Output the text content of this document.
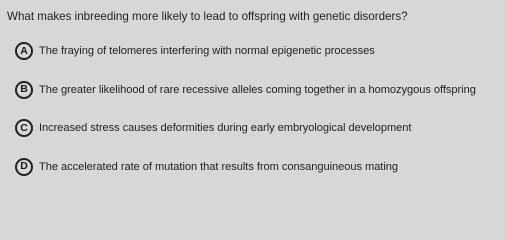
What makes inbreeding more likely to lead to offspring with genetic disorders?
A	The fraying of telomeres interfering with normal epigenetic processes
B	The greater likelihood of rare recessive alleles coming together in a homozygous offspring
C	Increased stress causes deformities during early embryological development
D	The accelerated rate of mutation that results from consanguineous mating
